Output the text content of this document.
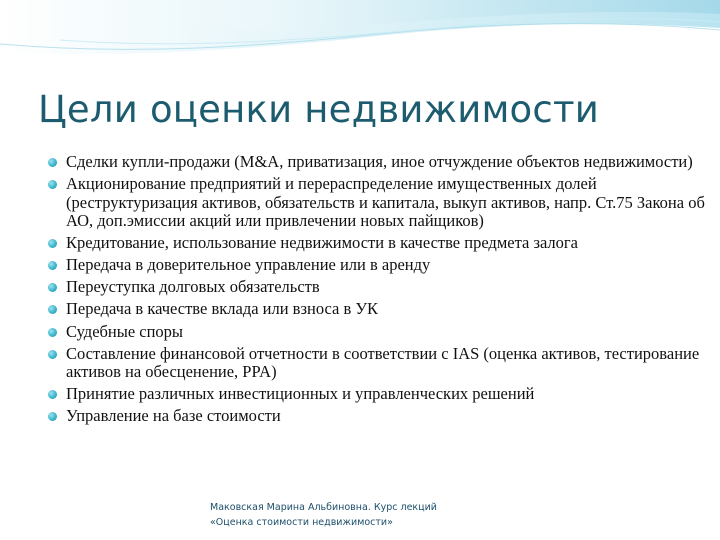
Цели оценки недвижимости
Сделки купли-продажи (M&A, приватизация, иное отчуждение объектов недвижимости)
Акционирование предприятий и перераспределение имущественных долей (реструктуризация активов, обязательств и капитала, выкуп активов, напр. Ст.75 Закона об АО, доп.эмиссии акций или привлечении новых пайщиков)
Кредитование, использование недвижимости в качестве предмета залога
Передача в доверительное управление или в аренду
Переуступка долговых обязательств
Передача в качестве вклада или взноса в УК
Судебные споры
Составление финансовой отчетности в соответствии с IAS (оценка активов, тестирование активов на обесценение, PPA)
Принятие различных инвестиционных и управленческих решений
Управление на базе стоимости
Маковская Марина Альбиновна. Курс лекций
«Оценка стоимости недвижимости»
